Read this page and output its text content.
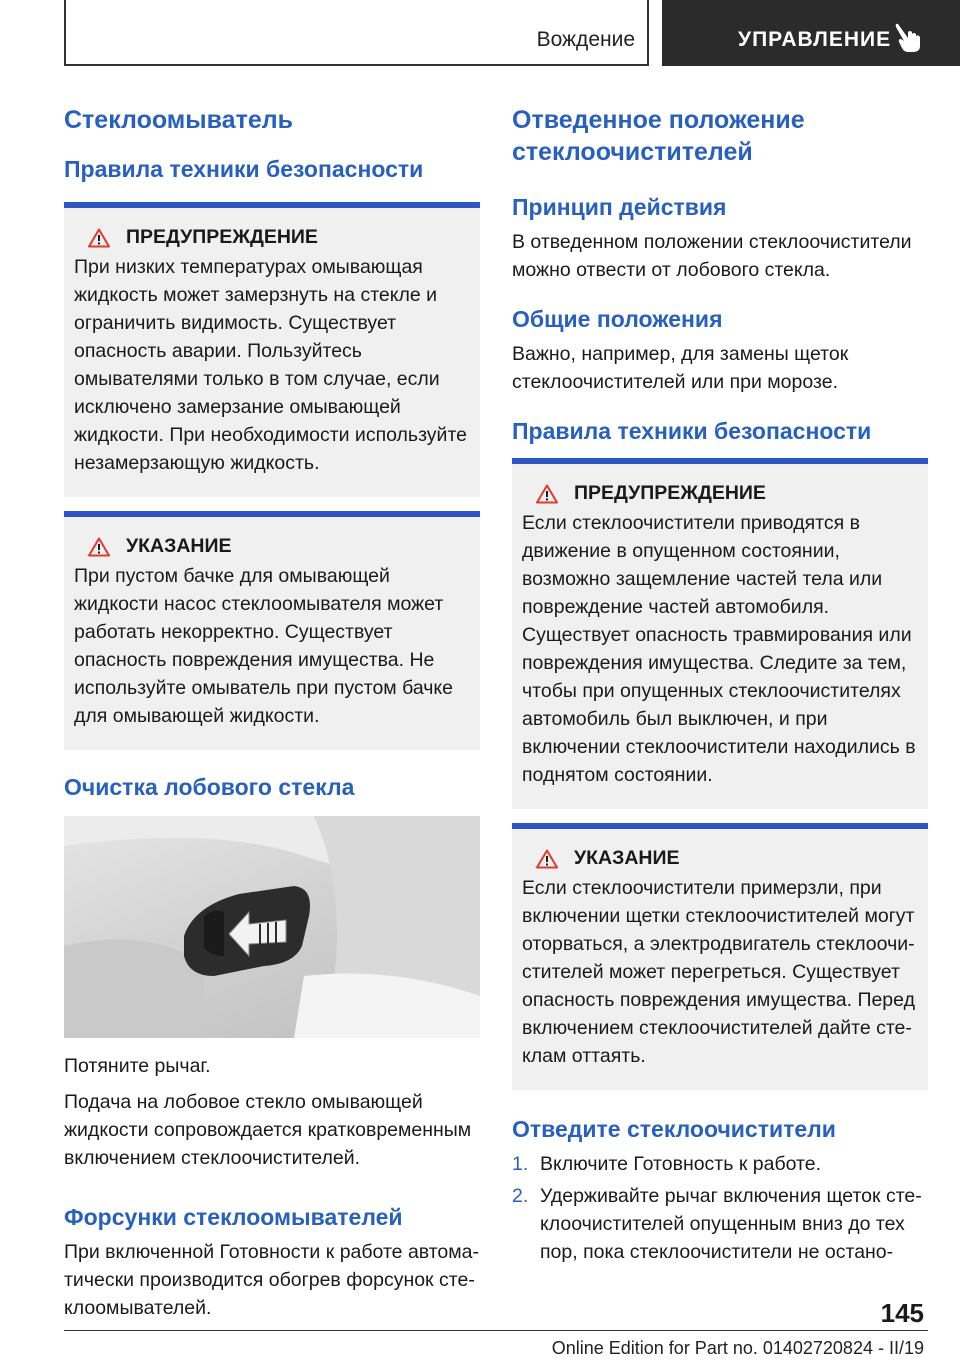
Вождение	УПРАВЛЕНИЕ
Стеклоомыватель
Правила техники безопасности
ПРЕДУПРЕЖДЕНИЕ
При низких температурах омывающая жидкость может замерзнуть на стекле и ограничить видимость. Существует опасность аварии. Пользуйтесь омывателями только в том случае, если исключено замерзание омывающей жидкости. При необходимости используйте незамерзающую жидкость.
УКАЗАНИЕ
При пустом бачке для омывающей жидкости насос стеклоомывателя может работать некорректно. Существует опасность повреждения имущества. Не используйте омыватель при пустом бачке для омывающей жидкости.
Очистка лобового стекла

Потяните рычаг.

Подача на лобовое стекло омывающей жидкости сопровождается кратковременным включением стеклоочистителей.

Форсунки стеклоомывателей

При включенной Готовности к работе автоматически производится обогрев форсунок стеклоомывателей.

Отведенное положение стеклоочистителей
Принцип действия

В отведенном положении стеклоочистители можно отвести от лобового стекла.

Общие положения

Важно, например, для замены щеток стеклоочистителей или при морозе.

Правила техники безопасности
ПРЕДУПРЕЖДЕНИЕ
Если стеклоочистители приводятся в движение в опущенном состоянии, возможно защемление частей тела или повреждение частей автомобиля. Существует опасность травмирования или повреждения имущества. Следите за тем, чтобы при опущенных стеклоочистителях автомобиль был выключен, и при включении стеклоочистители находились в поднятом состоянии.
УКАЗАНИЕ
Если стеклоочистители примерзли, при включении щетки стеклоочистителей могут оторваться, а электродвигатель стеклоочистителей может перегреться. Существует опасность повреждения имущества. Перед включением стеклоочистителей дайте стеклам оттаять.
Отведите стеклоочистители
1. Включите Готовность к работе.
2. Удерживайте рычаг включения щеток стеклоочистителей опущенным вниз до тех пор, пока стеклоочистители не остано-
145
Online Edition for Part no. 01402720824 - II/19
